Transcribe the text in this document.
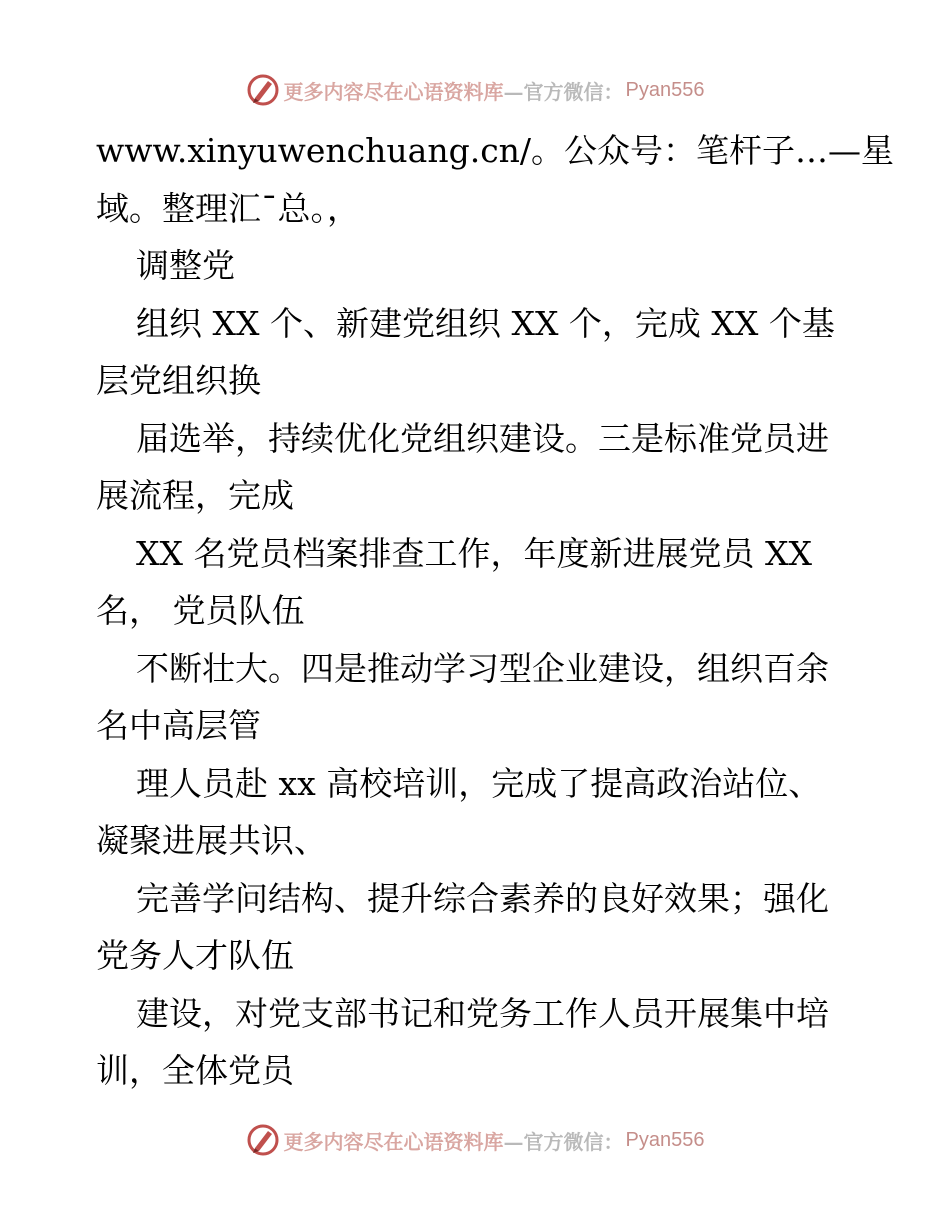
更多内容尽在心语资料库 —官方微信： Pyan556
www.xinyuwenchuang.cn/。公众号：笔杆子…—星
域。整理汇¯总。，
调整党
组织 XX 个、新建党组织 XX 个，完成 XX 个基
层党组织换
届选举，持续优化党组织建设。三是标准党员进
展流程，完成
XX 名党员档案排查工作，年度新进展党员 XX
名， 党员队伍
不断壮大。四是推动学习型企业建设，组织百余
名中高层管
理人员赴 xx 高校培训，完成了提高政治站位、
凝聚进展共识、
完善学问结构、提升综合素养的良好效果；强化
党务人才队伍
建设，对党支部书记和党务工作人员开展集中培
训，全体党员
更多内容尽在心语资料库 —官方微信： Pyan556
